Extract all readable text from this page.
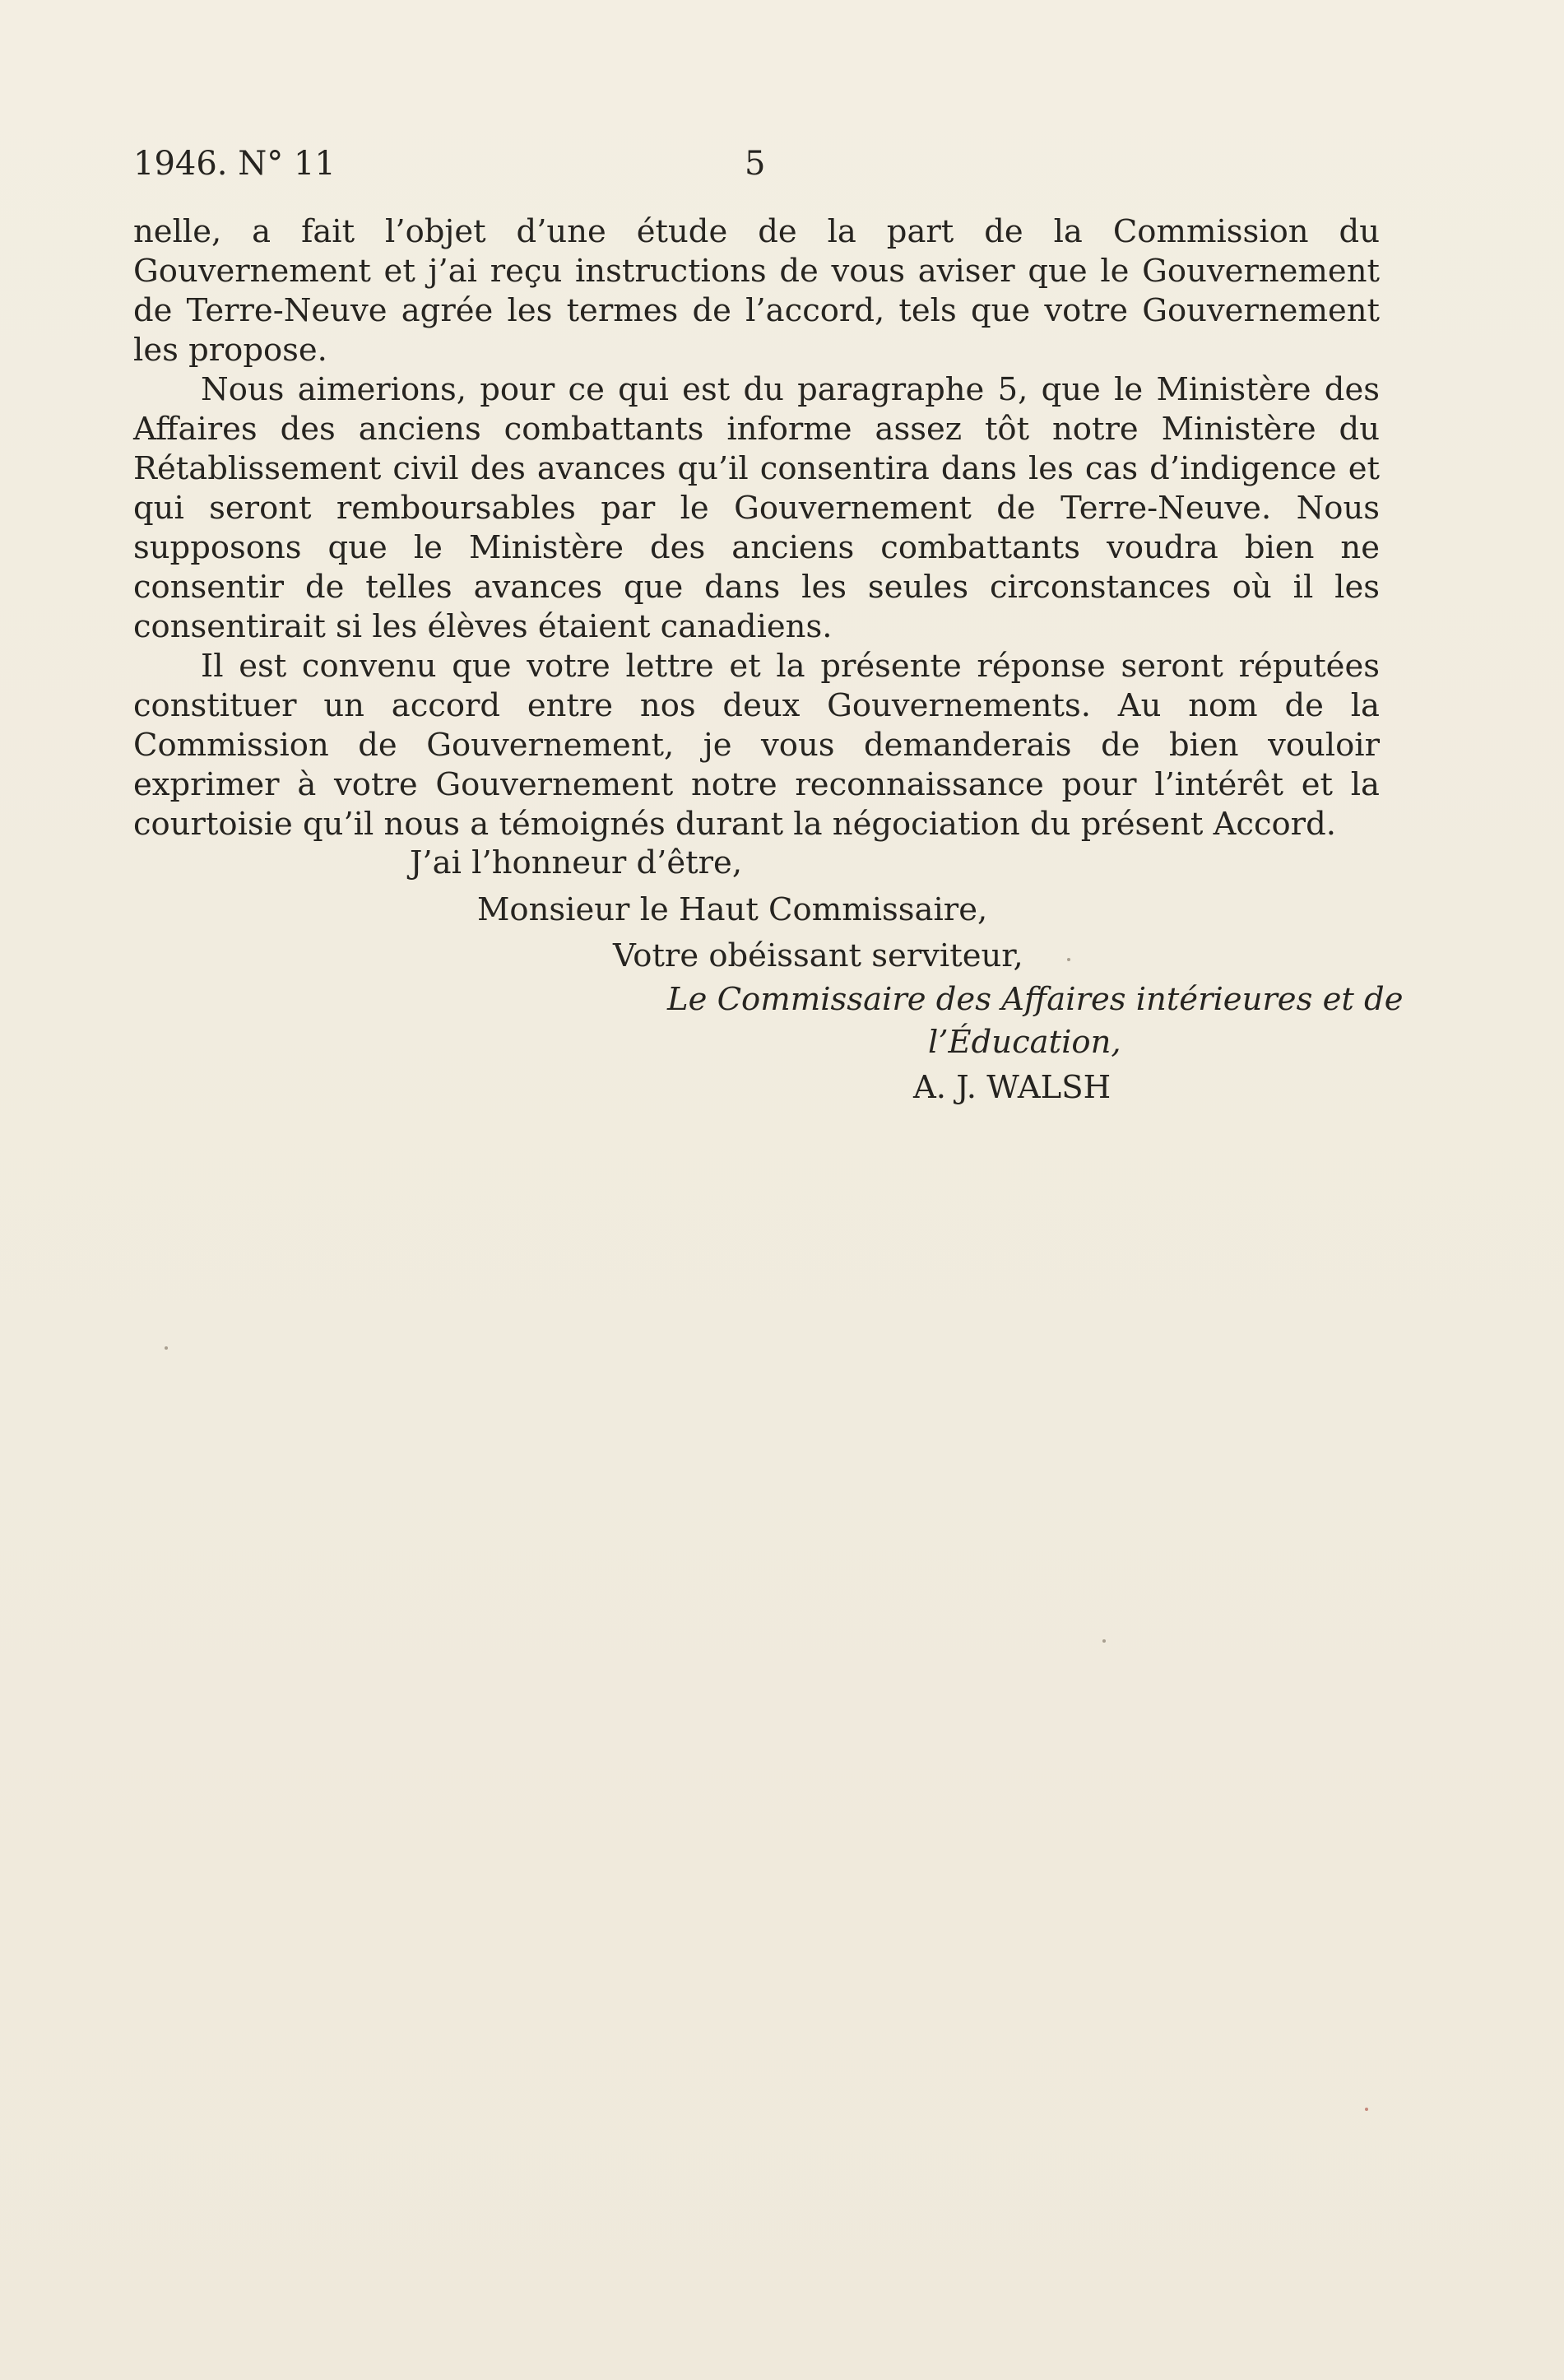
1946. N° 11	5

nelle, a fait l’objet d’une étude de la part de la Commission du Gouvernement et j’ai reçu instructions de vous aviser que le Gouvernement de Terre-Neuve agrée les termes de l’accord, tels que votre Gouvernement les propose.

Nous aimerions, pour ce qui est du paragraphe 5, que le Ministère des Affaires des anciens combattants informe assez tôt notre Ministère du Rétablissement civil des avances qu’il consentira dans les cas d’indigence et qui seront remboursables par le Gouvernement de Terre-Neuve. Nous supposons que le Ministère des anciens combattants voudra bien ne consentir de telles avances que dans les seules circonstances où il les consentirait si les élèves étaient canadiens.

Il est convenu que votre lettre et la présente réponse seront réputées constituer un accord entre nos deux Gouvernements. Au nom de la Commission de Gouvernement, je vous demanderais de bien vouloir exprimer à votre Gouvernement notre reconnaissance pour l’intérêt et la courtoisie qu’il nous a témoignés durant la négociation du présent Accord.

J’ai l’honneur d’être,
Monsieur le Haut Commissaire,
Votre obéissant serviteur,
Le Commissaire des Affaires intérieures et de
l’Éducation,
A. J. WALSH
